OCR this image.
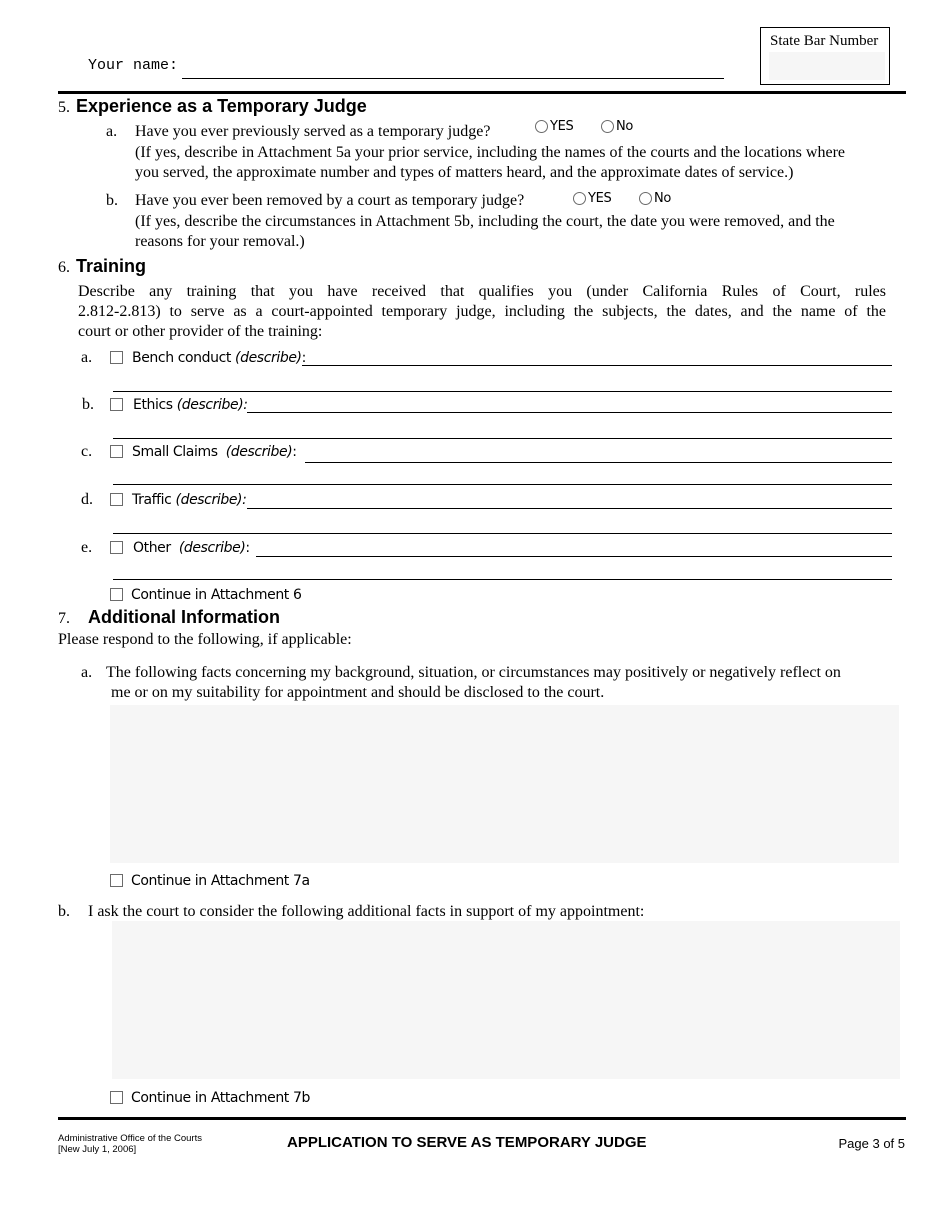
Your name:
State Bar Number
5. Experience as a Temporary Judge
a. Have you ever previously served as a temporary judge?	YES	No
(If yes, describe in Attachment 5a your prior service, including the names of the courts and the locations where
you served, the approximate number and types of matters heard, and the approximate dates of service.)
b. Have you ever been removed by a court as temporary judge?	YES	No
(If yes, describe the circumstances in Attachment 5b, including the court, the date you were removed, and the
reasons for your removal.)
6. Training
Describe any training that you have received that qualifies you (under California Rules of Court, rules
2.812-2.813) to serve as a court-appointed temporary judge, including the subjects, the dates, and the name of the
court or other provider of the training:
a.	Bench conduct (describe):
b.	Ethics (describe):
c.	Small Claims  (describe):
d.	Traffic (describe):
e.	Other  (describe):
Continue in Attachment 6
7. Additional Information
Please respond to the following, if applicable:
a. The following facts concerning my background, situation, or circumstances may positively or negatively reflect on
me or on my suitability for appointment and should be disclosed to the court.
Continue in Attachment 7a
b. I ask the court to consider the following additional facts in support of my appointment:
Continue in Attachment 7b
Administrative Office of the Courts
[New July 1, 2006]	APPLICATION TO SERVE AS TEMPORARY JUDGE	Page 3 of 5
